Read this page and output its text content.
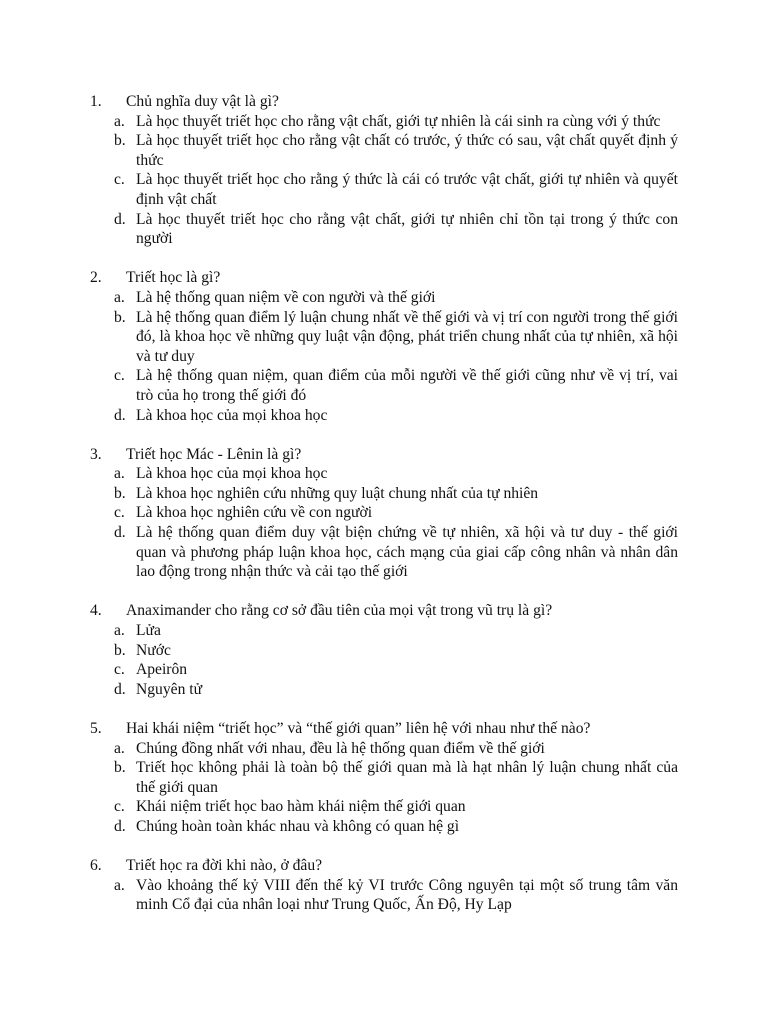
1.	Chủ nghĩa duy vật là gì?
a. Là học thuyết triết học cho rằng vật chất, giới tự nhiên là cái sinh ra cùng với ý thức
b. Là học thuyết triết học cho rằng vật chất có trước, ý thức có sau, vật chất quyết định ý thức
c. Là học thuyết triết học cho rằng ý thức là cái có trước vật chất, giới tự nhiên và quyết định vật chất
d. Là học thuyết triết học cho rằng vật chất, giới tự nhiên chỉ tồn tại trong ý thức con người
2.	Triết học là gì?
a. Là hệ thống quan niệm về con người và thế giới
b. Là hệ thống quan điểm lý luận chung nhất về thế giới và vị trí con người trong thế giới đó, là khoa học về những quy luật vận động, phát triển chung nhất của tự nhiên, xã hội và tư duy
c. Là hệ thống quan niệm, quan điểm của mỗi người về thế giới cũng như về vị trí, vai trò của họ trong thế giới đó
d. Là khoa học của mọi khoa học
3.	Triết học Mác - Lênin là gì?
a. Là khoa học của mọi khoa học
b. Là khoa học nghiên cứu những quy luật chung nhất của tự nhiên
c. Là khoa học nghiên cứu về con người
d. Là hệ thống quan điểm duy vật biện chứng về tự nhiên, xã hội và tư duy - thế giới quan và phương pháp luận khoa học, cách mạng của giai cấp công nhân và nhân dân lao động trong nhận thức và cải tạo thế giới
4.	Anaximander cho rằng cơ sở đầu tiên của mọi vật trong vũ trụ là gì?
a. Lửa
b. Nước
c. Apeirôn
d. Nguyên tử
5.	Hai khái niệm “triết học” và “thế giới quan” liên hệ với nhau như thế nào?
a. Chúng đồng nhất với nhau, đều là hệ thống quan điểm về thế giới
b. Triết học không phải là toàn bộ thế giới quan mà là hạt nhân lý luận chung nhất của thế giới quan
c. Khái niệm triết học bao hàm khái niệm thế giới quan
d. Chúng hoàn toàn khác nhau và không có quan hệ gì
6.	Triết học ra đời khi nào, ở đâu?
a. Vào khoảng thế kỷ VIII đến thế kỷ VI trước Công nguyên tại một số trung tâm văn minh Cổ đại của nhân loại như Trung Quốc, Ấn Độ, Hy Lạp
